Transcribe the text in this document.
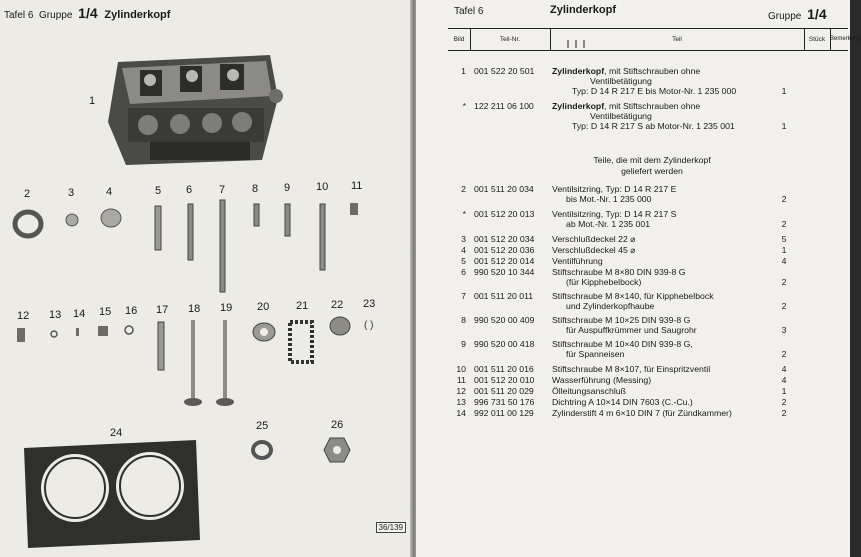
Tafel 6 Gruppe 1/4 Zylinderkopf
( )
1
2	3	4	5 6 7 8 9 10 11
12 13 14 15 16 17 18 19 20 21 22 23
24
25	26
36/139
Tafel 6	Zylinderkopf
Gruppe 1/4
Bild	Teil-Nr.	Teil	Stück Bemerkung
1 001 522 20 501	Zylinderkopf, mit Stiftschrauben ohne
Ventilbetätigung
Typ: D 14 R 217 E bis Motor-Nr. 1 235 000	1
* 122 211 06 100	Zylinderkopf, mit Stiftschrauben ohne
Ventilbetätigung
Typ: D 14 R 217 S ab Motor-Nr. 1 235 001	1
2 001 511 20 034	Ventilsitzring, Typ: D 14 R 217 E
bis Mot.-Nr. 1 235 000	2
* 001 512 20 013	Ventilsitzring, Typ: D 14 R 217 S
ab Mot.-Nr. 1 235 001	2
3 001 512 20 034	Verschlußdeckel 22 ⌀	5
4 001 512 20 036	Verschlußdeckel 45 ⌀	1
5 001 512 20 014	Ventilführung	4
6 990 520 10 344	Stiftschraube M 8×80 DIN 939-8 G
(für Kipphebelbock)	2
7 001 511 20 011	Stiftschraube M 8×140, für Kipphebelbock
und Zylinderkopfhaube	2
8 990 520 00 409	Stiftschraube M 10×25 DIN 939-8 G
für Auspuffkrümmer und Saugrohr	3
9 990 520 00 418	Stiftschraube M 10×40 DIN 939-8 G,
für Spanneisen	2
10 001 511 20 016	Stiftschraube M 8×107, für Einspritzventil	4
11 001 512 20 010	Wasserführung (Messing)	4
12 001 511 20 029	Ölleitungsanschluß	1
13 996 731 50 176	Dichtring A 10×14 DIN 7603 (C.-Cu.)	2
14 992 011 00 129	Zylinderstift 4 m 6×10 DIN 7 (für Zündkammer)	2
Teile, die mit dem Zylinderkopf
geliefert werden
